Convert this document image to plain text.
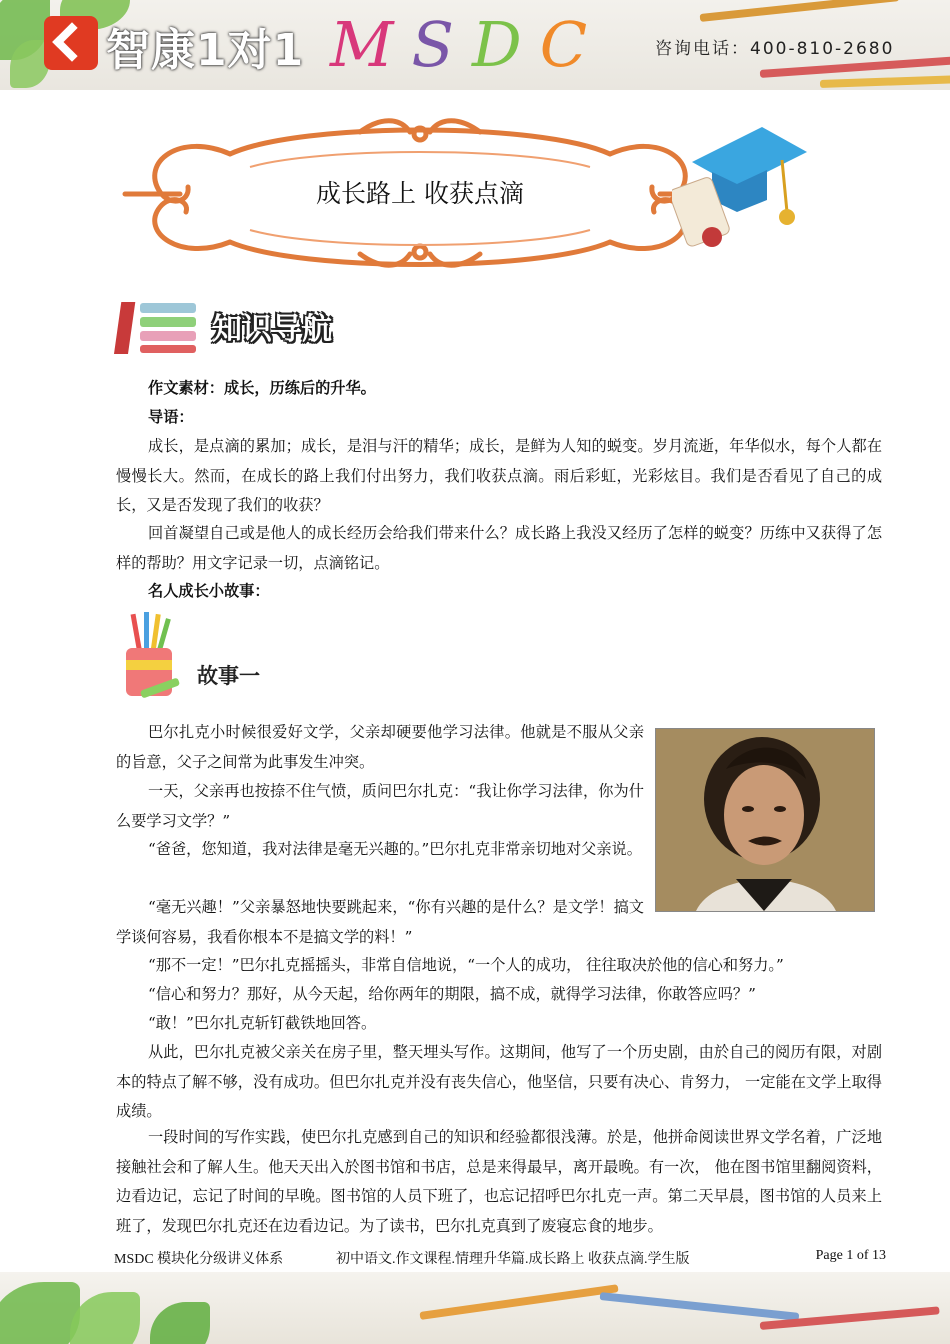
智康1对1 MSDC	咨询电话：400-810-2680
成长路上 收获点滴
知识导航

作文素材：成长，历练后的升华。

导语：

成长，是点滴的累加；成长，是泪与汗的精华；成长，是鲜为人知的蜕变。岁月流逝，年华似水，每个人都在慢慢长大。然而，在成长的路上我们付出努力，我们收获点滴。雨后彩虹，光彩炫目。我们是否看见了自己的成长，又是否发现了我们的收获？

回首凝望自己或是他人的成长经历会给我们带来什么？成长路上我没又经历了怎样的蜕变？历练中又获得了怎样的帮助？用文字记录一切，点滴铭记。

名人成长小故事：

故事一

巴尔扎克小时候很爱好文学，父亲却硬要他学习法律。他就是不服从父亲的旨意，父子之间常为此事发生冲突。

一天，父亲再也按捺不住气愤，质问巴尔扎克：“我让你学习法律，你为什么要学习文学？”

“爸爸，您知道，我对法律是毫无兴趣的。”巴尔扎克非常亲切地对父亲说。

“毫无兴趣！”父亲暴怒地快要跳起来，“你有兴趣的是什么？是文学！搞文学谈何容易，我看你根本不是搞文学的料！”

“那不一定！”巴尔扎克摇摇头，非常自信地说，“一个人的成功， 往往取决於他的信心和努力。”

“信心和努力？那好，从今天起，给你两年的期限，搞不成，就得学习法律，你敢答应吗？”

“敢！”巴尔扎克斩钉截铁地回答。

从此，巴尔扎克被父亲关在房子里，整天埋头写作。这期间，他写了一个历史剧，由於自己的阅历有限，对剧本的特点了解不够，没有成功。但巴尔扎克并没有丧失信心，他坚信，只要有决心、肯努力， 一定能在文学上取得成绩。

一段时间的写作实践，使巴尔扎克感到自己的知识和经验都很浅薄。於是，他拼命阅读世界文学名着，广泛地接触社会和了解人生。他天天出入於图书馆和书店，总是来得最早，离开最晚。有一次， 他在图书馆里翻阅资料，边看边记，忘记了时间的早晚。图书馆的人员下班了，也忘记招呼巴尔扎克一声。第二天早晨，图书馆的人员来上班了，发现巴尔扎克还在边看边记。为了读书，巴尔扎克真到了废寝忘食的地步。

MSDC 模块化分级讲义体系	初中语文.作文课程.情理升华篇.成长路上 收获点滴.学生版	Page 1 of 13
